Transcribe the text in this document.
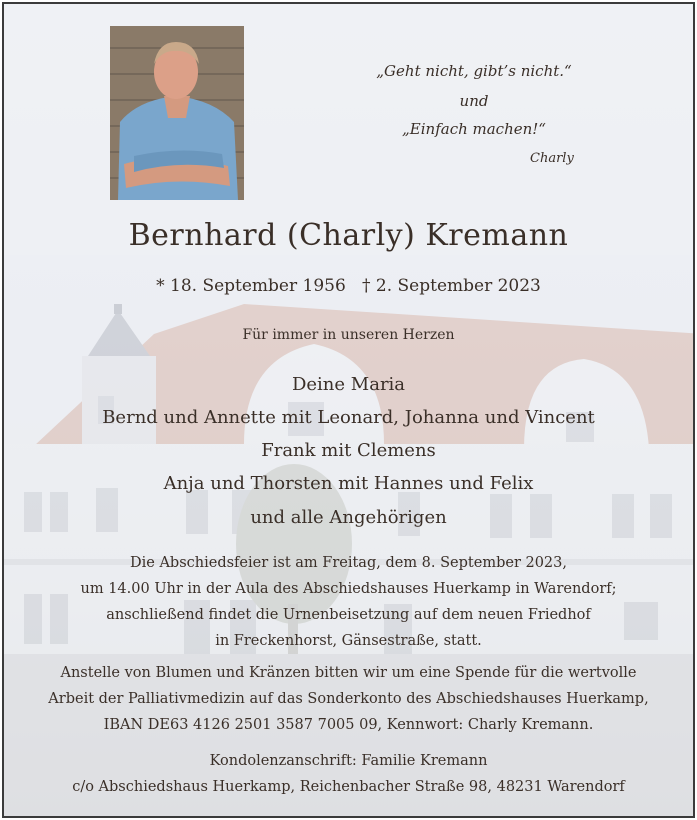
„Geht nicht, gibt’s nicht.“
und
„Einfach machen!“
Charly
Bernhard (Charly) Kremann
* 18. September 1956   † 2. September 2023
Für immer in unseren Herzen
Deine Maria
Bernd und Annette mit Leonard, Johanna und Vincent
Frank mit Clemens
Anja und Thorsten mit Hannes und Felix
und alle Angehörigen
Die Abschiedsfeier ist am Freitag, dem 8. September 2023,
um 14.00 Uhr in der Aula des Abschiedshauses Huerkamp in Warendorf;
anschließend findet die Urnenbeisetzung auf dem neuen Friedhof
in Freckenhorst, Gänsestraße, statt.
Anstelle von Blumen und Kränzen bitten wir um eine Spende für die wertvolle
Arbeit der Palliativmedizin auf das Sonderkonto des Abschiedshauses Huerkamp,
IBAN DE63 4126 2501 3587 7005 09, Kennwort: Charly Kremann.
Kondolenzanschrift: Familie Kremann
c/o Abschiedshaus Huerkamp, Reichenbacher Straße 98, 48231 Warendorf
